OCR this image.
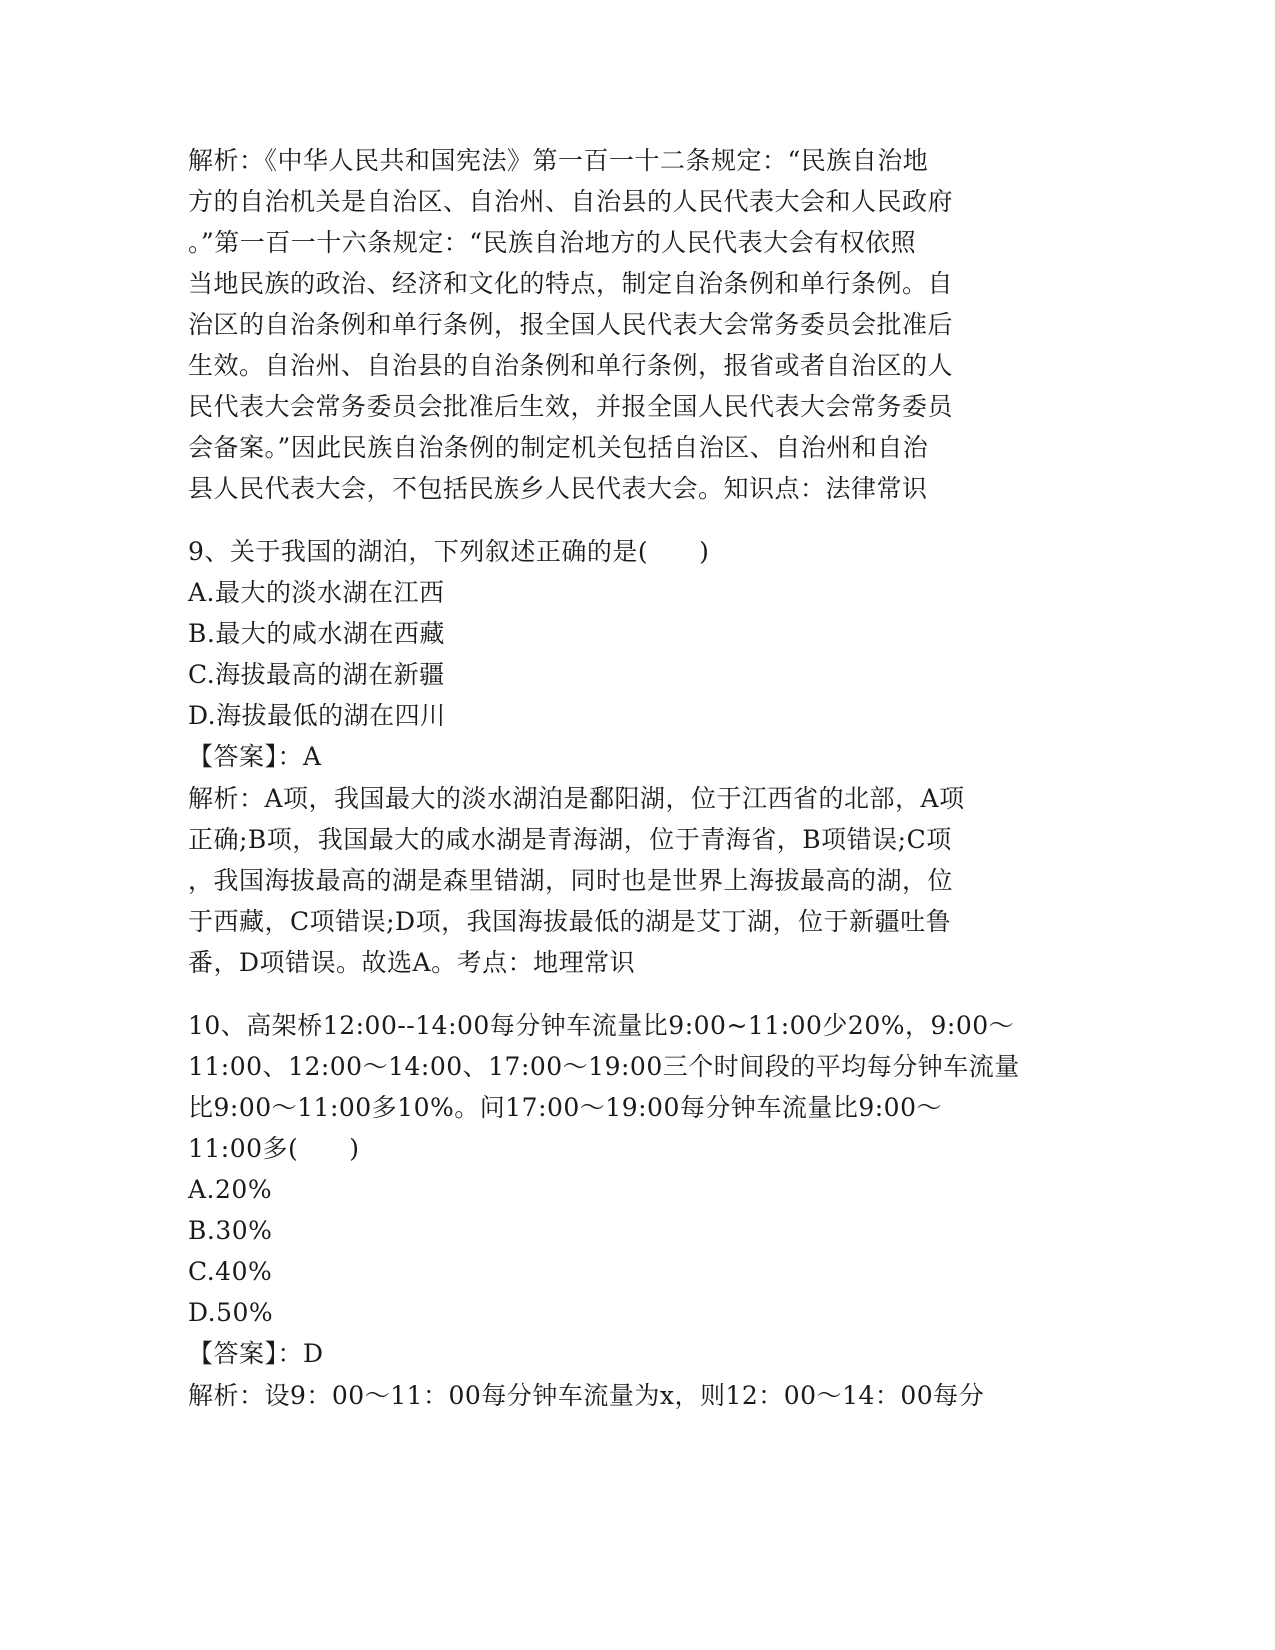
解析：《中华人民共和国宪法》第一百一十二条规定：“民族自治地
方的自治机关是自治区、自治州、自治县的人民代表大会和人民政府
。”第一百一十六条规定：“民族自治地方的人民代表大会有权依照
当地民族的政治、经济和文化的特点，制定自治条例和单行条例。自
治区的自治条例和单行条例，报全国人民代表大会常务委员会批准后
生效。自治州、自治县的自治条例和单行条例，报省或者自治区的人
民代表大会常务委员会批准后生效，并报全国人民代表大会常务委员
会备案。”因此民族自治条例的制定机关包括自治区、自治州和自治
县人民代表大会，不包括民族乡人民代表大会。知识点：法律常识
9、关于我国的湖泊，下列叙述正确的是(　　)
A.最大的淡水湖在江西
B.最大的咸水湖在西藏
C.海拔最高的湖在新疆
D.海拔最低的湖在四川
【答案】：A
解析：A项，我国最大的淡水湖泊是鄱阳湖，位于江西省的北部，A项
正确;B项，我国最大的咸水湖是青海湖，位于青海省，B项错误;C项
，我国海拔最高的湖是森里错湖，同时也是世界上海拔最高的湖，位
于西藏，C项错误;D项，我国海拔最低的湖是艾丁湖，位于新疆吐鲁
番，D项错误。故选A。考点：地理常识
10、高架桥12:00--14:00每分钟车流量比9:00~11:00少20%，9:00～
11:00、12:00～14:00、17:00～19:00三个时间段的平均每分钟车流量
比9:00～11:00多10%。问17:00～19:00每分钟车流量比9:00～
11:00多(　　)
A.20%
B.30%
C.40%
D.50%
【答案】：D
解析：设9：00～11：00每分钟车流量为x，则12：00～14：00每分
